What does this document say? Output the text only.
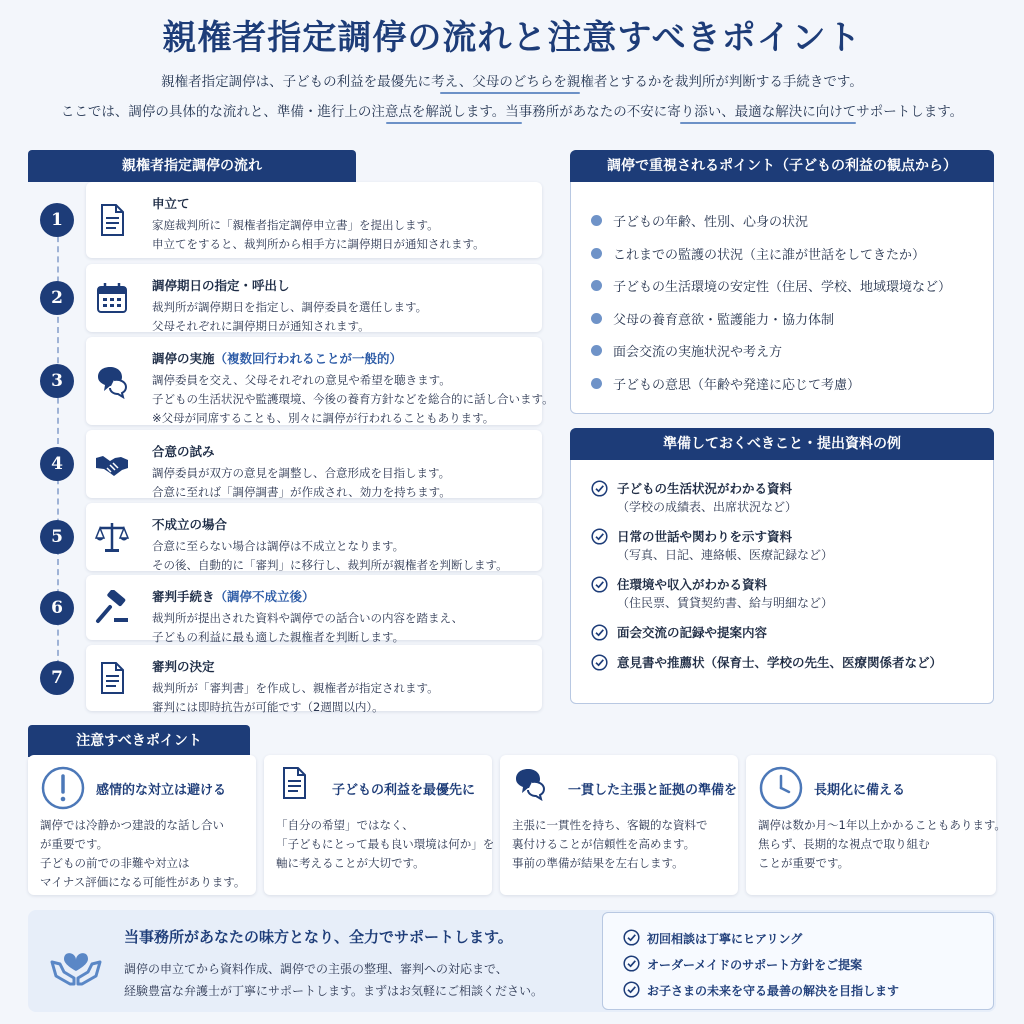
親権者指定調停の流れと注意すべきポイント
親権者指定調停は、子どもの利益を最優先に考え、父母のどちらを親権者とするかを裁判所が判断する手続きです。
ここでは、調停の具体的な流れと、準備・進行上の注意点を解説します。当事務所があなたの不安に寄り添い、最適な解決に向けてサポートします。
親権者指定調停の流れ
1
申立て
家庭裁判所に「親権者指定調停申立書」を提出します。
申立てをすると、裁判所から相手方に調停期日が通知されます。
2
調停期日の指定・呼出し
裁判所が調停期日を指定し、調停委員を選任します。
父母それぞれに調停期日が通知されます。
3
調停の実施（複数回行われることが一般的）
調停委員を交え、父母それぞれの意見や希望を聴きます。
子どもの生活状況や監護環境、今後の養育方針などを総合的に話し合います。
※父母が同席することも、別々に調停が行われることもあります。
4
合意の試み
調停委員が双方の意見を調整し、合意形成を目指します。
合意に至れば「調停調書」が作成され、効力を持ちます。
5
不成立の場合
合意に至らない場合は調停は不成立となります。
その後、自動的に「審判」に移行し、裁判所が親権者を判断します。
6
審判手続き（調停不成立後）
裁判所が提出された資料や調停での話合いの内容を踏まえ、
子どもの利益に最も適した親権者を判断します。
7
審判の決定
裁判所が「審判書」を作成し、親権者が指定されます。
審判には即時抗告が可能です（2週間以内）。
調停で重視されるポイント（子どもの利益の観点から）
子どもの年齢、性別、心身の状況
これまでの監護の状況（主に誰が世話をしてきたか）
子どもの生活環境の安定性（住居、学校、地域環境など）
父母の養育意欲・監護能力・協力体制
面会交流の実施状況や考え方
子どもの意思（年齢や発達に応じて考慮）
準備しておくべきこと・提出資料の例
子どもの生活状況がわかる資料
（学校の成績表、出席状況など）
日常の世話や関わりを示す資料
（写真、日記、連絡帳、医療記録など）
住環境や収入がわかる資料
（住民票、賃貸契約書、給与明細など）
面会交流の記録や提案内容
意見書や推薦状（保育士、学校の先生、医療関係者など）
注意すべきポイント
感情的な対立は避ける
調停では冷静かつ建設的な話し合い
が重要です。
子どもの前での非難や対立は
マイナス評価になる可能性があります。
子どもの利益を最優先に
「自分の希望」ではなく、
「子どもにとって最も良い環境は何か」を
軸に考えることが大切です。
一貫した主張と証拠の準備を
主張に一貫性を持ち、客観的な資料で
裏付けることが信頼性を高めます。
事前の準備が結果を左右します。
長期化に備える
調停は数か月〜1年以上かかることもあります。
焦らず、長期的な視点で取り組む
ことが重要です。
当事務所があなたの味方となり、全力でサポートします。
調停の申立てから資料作成、調停での主張の整理、審判への対応まで、
経験豊富な弁護士が丁寧にサポートします。まずはお気軽にご相談ください。
初回相談は丁寧にヒアリング
オーダーメイドのサポート方針をご提案
お子さまの未来を守る最善の解決を目指します
